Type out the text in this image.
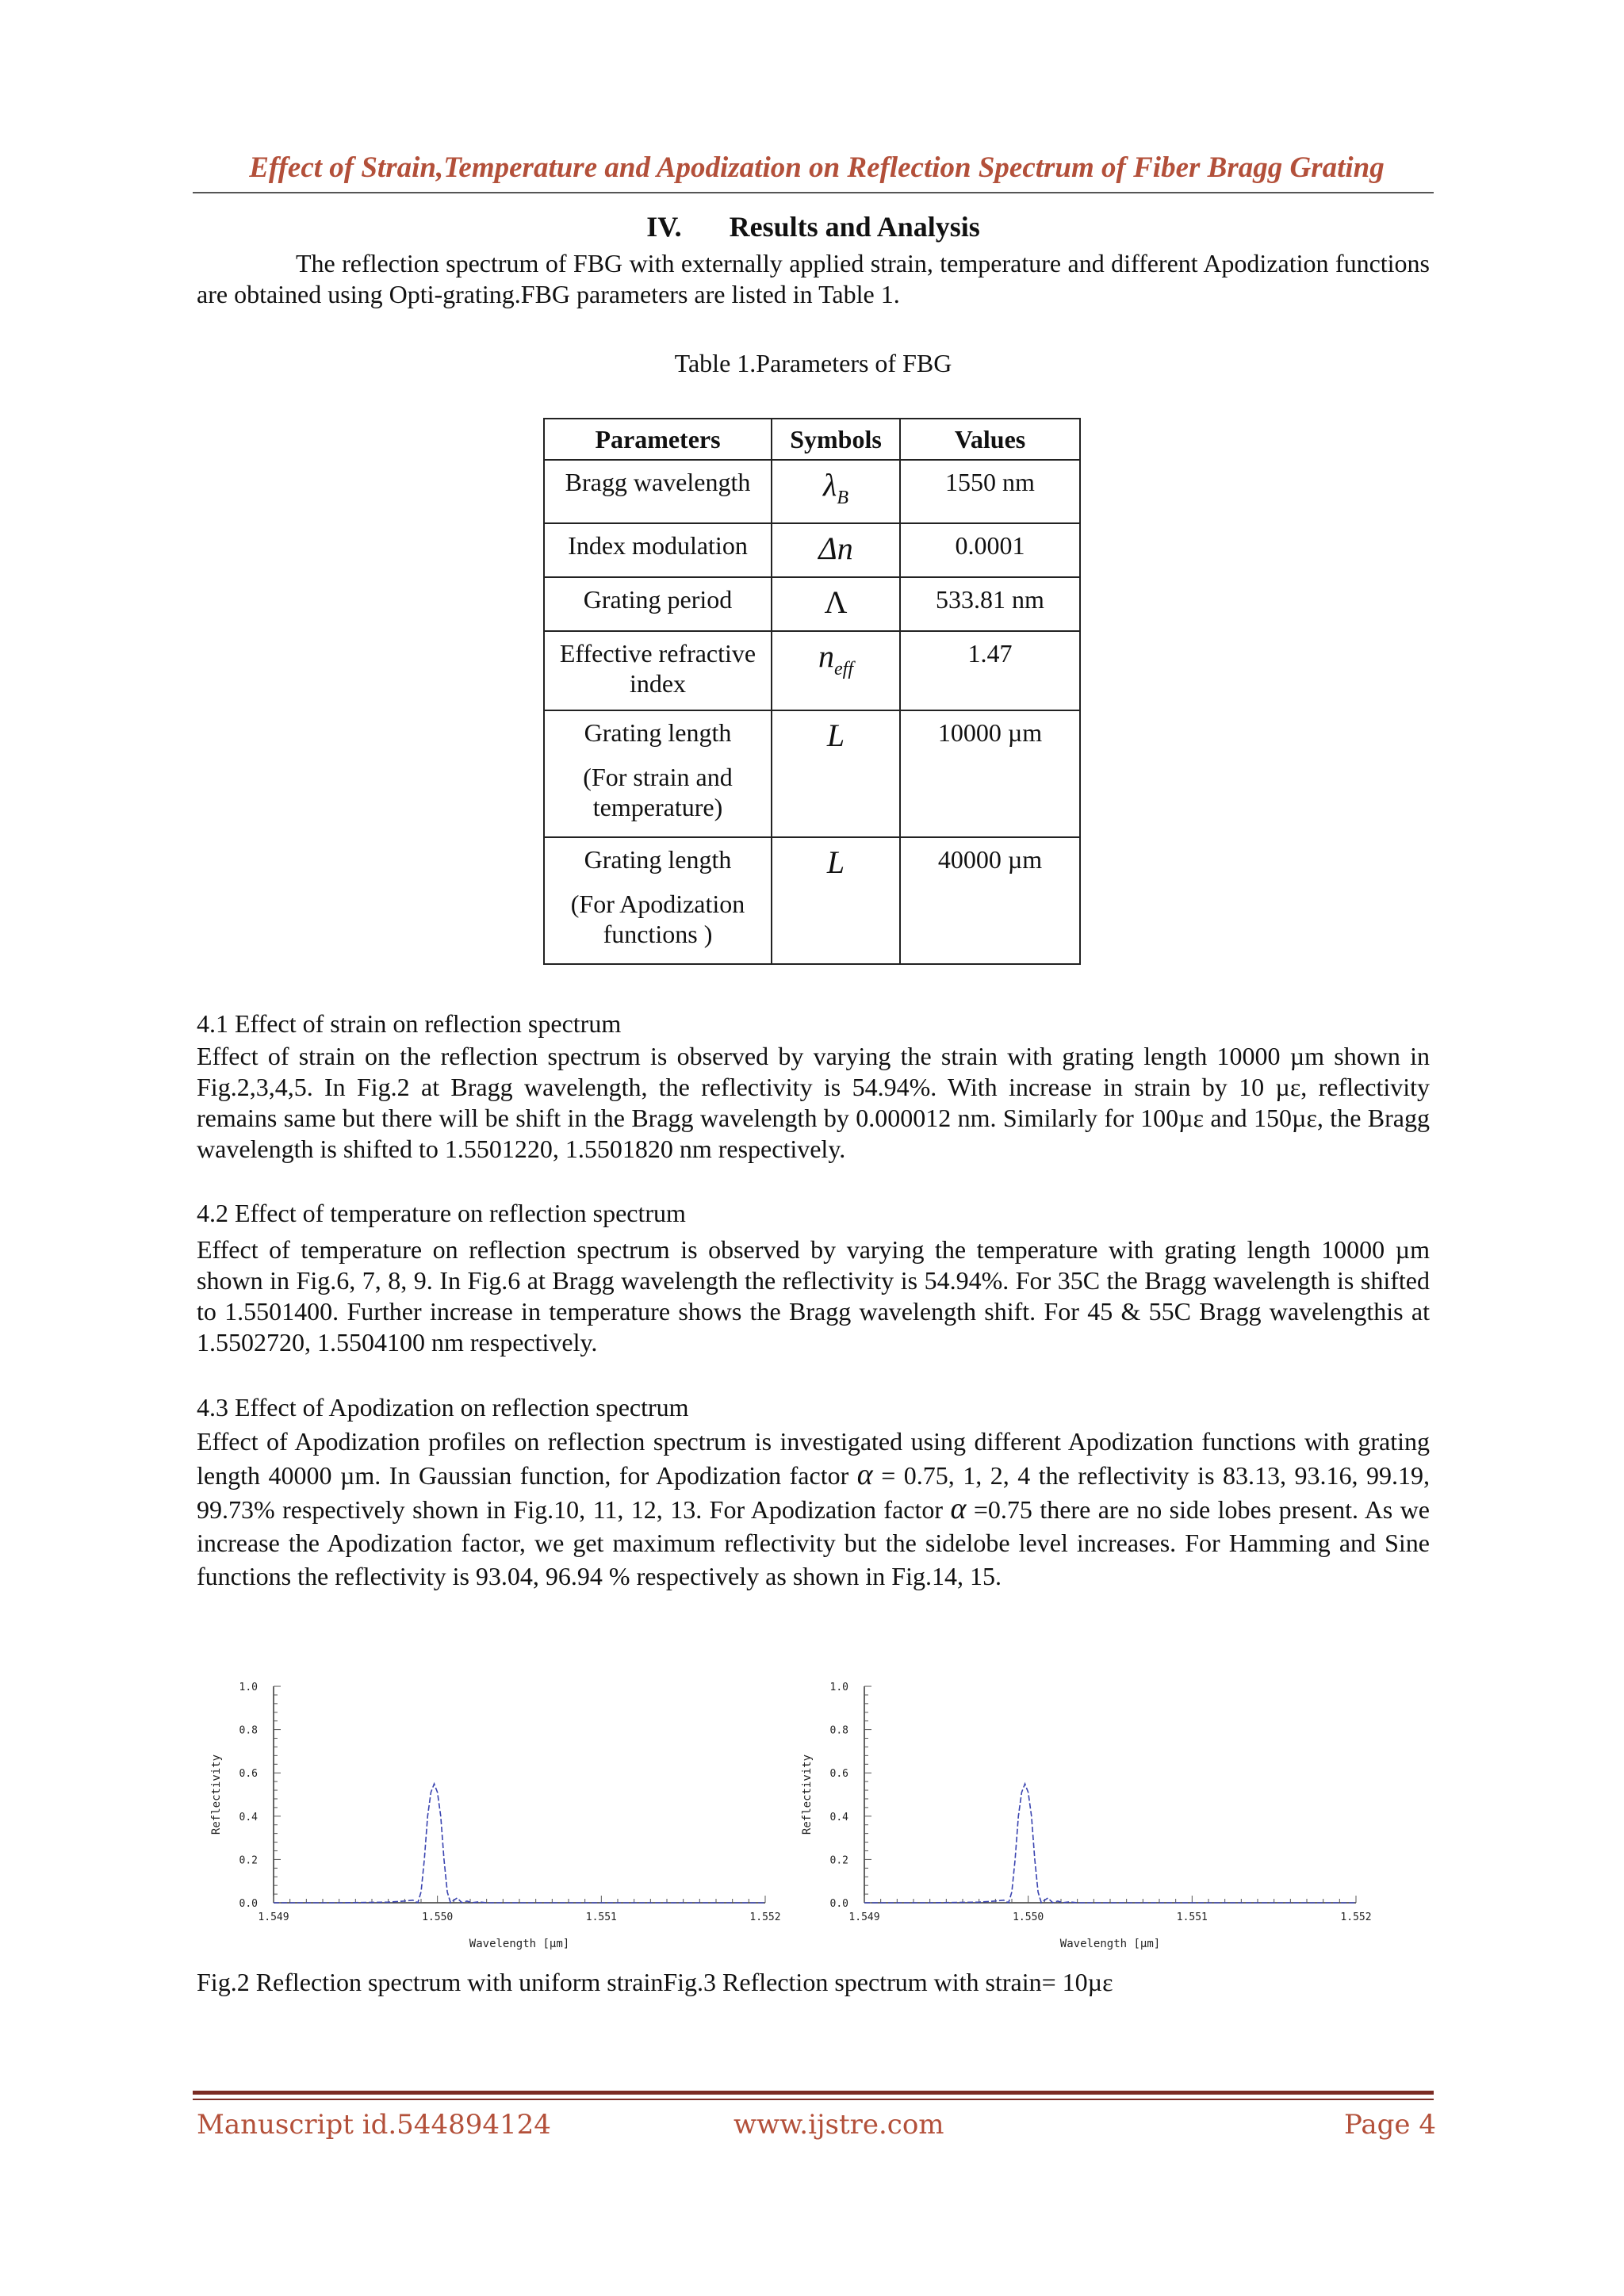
Effect of Strain,Temperature and Apodization on Reflection Spectrum of Fiber Bragg Grating
IV. Results and Analysis
The reflection spectrum of FBG with externally applied strain, temperature and different Apodization functions are obtained using Opti-grating.FBG parameters are listed in Table 1.
Table 1.Parameters of FBG
Parameters	Symbols	Values
Bragg wavelength	$\lambda_B$	1550 nm
Index modulation	Δn	0.0001
Grating period	Λ	533.81 nm
Effective refractive index	$n_{eff}$	1.47

Grating length
(For strain and temperature)	L	10000 µm

Grating length
(For Apodization functions )	L	40000 µm
4.1 Effect of strain on reflection spectrum
Effect of strain on the reflection spectrum is observed by varying the strain with grating length 10000 µm shown in Fig.2,3,4,5. In Fig.2 at Bragg wavelength, the reflectivity is 54.94%. With increase in strain by 10 µε, reflectivity remains same but there will be shift in the Bragg wavelength by 0.000012 nm. Similarly for 100µε and 150µε, the Bragg wavelength is shifted to 1.5501220, 1.5501820 nm respectively.
4.2 Effect of temperature on reflection spectrum
Effect of temperature on reflection spectrum is observed by varying the temperature with grating length 10000 µm shown in Fig.6, 7, 8, 9. In Fig.6 at Bragg wavelength the reflectivity is 54.94%. For 35C the Bragg wavelength is shifted to 1.5501400. Further increase in temperature shows the Bragg wavelength shift. For 45 & 55C Bragg wavelengthis at 1.5502720, 1.5504100 nm respectively.
4.3 Effect of Apodization on reflection spectrum
Effect of Apodization profiles on reflection spectrum is investigated using different Apodization functions with grating length 40000 µm. In Gaussian function, for Apodization factor α = 0.75, 1, 2, 4 the reflectivity is 83.13, 93.16, 99.19, 99.73% respectively shown in Fig.10, 11, 12, 13. For Apodization factor α =0.75 there are no side lobes present. As we increase the Apodization factor, we get maximum reflectivity but the sidelobe level increases. For Hamming and Sine functions the reflectivity is 93.04, 96.94 % respectively as shown in Fig.14, 15.
0.0
0.2
0.4
0.6
0.8
1.0
1.549	1.550	1.551	1.552
Wavelength [µm]
Reflectivity
0.0
0.2
0.4
0.6
0.8
1.0
1.549	1.550	1.551	1.552
Wavelength [µm]
Reflectivity
Fig.2 Reflection spectrum with uniform strainFig.3 Reflection spectrum with strain= 10µε
Manuscript id.544894124	www.ijstre.com	Page 4
